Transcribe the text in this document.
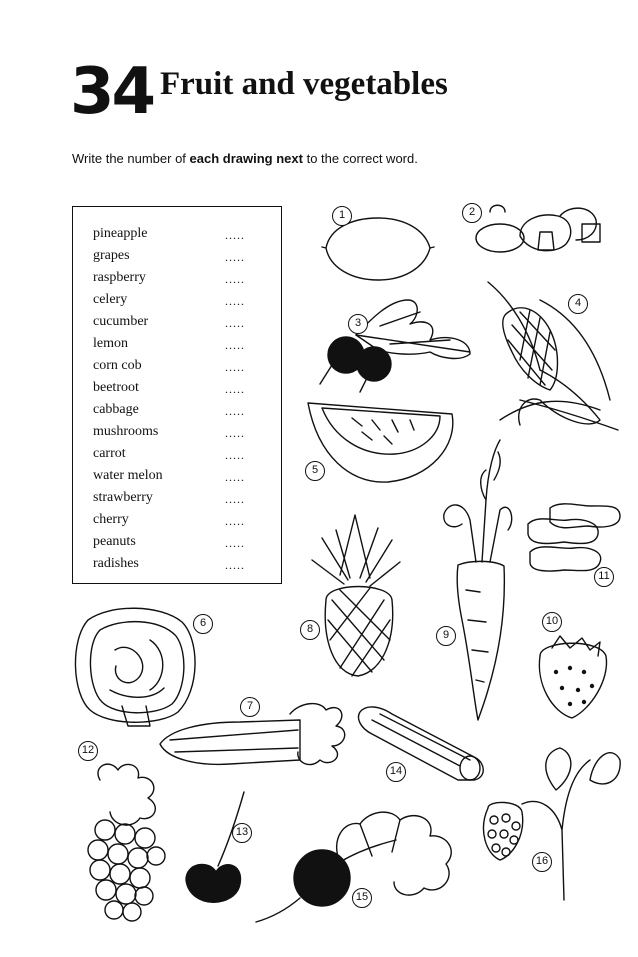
34 Fruit and vegetables
Write the number of each drawing next to the correct word.
pineapple	.....
grapes	.....
raspberry	.....
celery	.....
cucumber	.....
lemon	.....
corn cob	.....
beetroot	.....
cabbage	.....
mushrooms	.....
carrot	.....
water melon	.....
strawberry	.....
cherry	.....
peanuts	.....
radishes	.....
1	2
3
4
5
6
7
8	9
10
11
12
13
14
15
16
